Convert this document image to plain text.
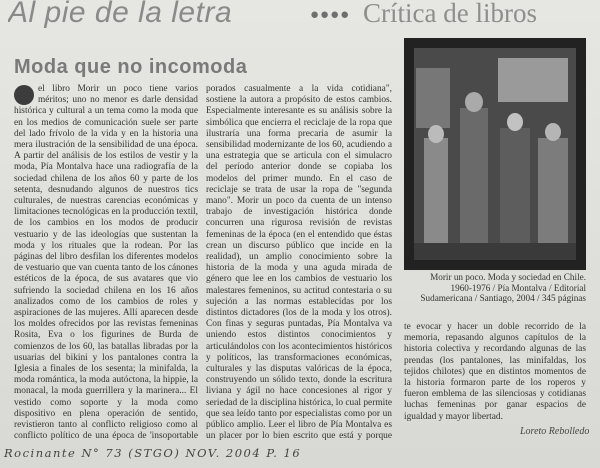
Al pie de la letra	●●●● Crítica de libros
Moda que no incomoda

el libro Morir un poco tiene varios méritos; uno no menor es darle densidad histórica y cultural a un tema como la moda que en los medios de comunicación suele ser parte del lado frívolo de la vida y en la historia una mera ilustración de la sensibilidad de una época. A partir del análisis de los estilos de vestir y la moda, Pía Montalva hace una radiografía de la sociedad chilena de los años 60 y parte de los setenta, desnudando algunos de nuestros tics culturales, de nuestras carencias económicas y limitaciones tecnológicas en la producción textil, de los cambios en los modos de producir vestuario y de las ideologías que sustentan la moda y los rituales que la rodean. Por las páginas del libro desfilan los diferentes modelos de vestuario que van cuenta tanto de los cánones estéticos de la época, de sus avatares que vio sufriendo la sociedad chilena en los 16 años analizados como de los cambios de roles y aspiraciones de las mujeres. Allí aparecen desde los moldes ofrecidos por las revistas femeninas Rosita, Eva o los figurines de Burda de comienzos de los 60, las batallas libradas por la usuarias del bikini y los pantalones contra la Iglesia a finales de los sesenta; la minifalda, la moda romántica, la moda autóctona, la hippie, la monacal, la moda guerrillera y la marinera... El vestido como soporte y la moda como dispositivo en plena operación de sentido, revistieron tanto al conflicto religioso como al conflicto político de una época de 'insoportable

porados casualmente a la vida cotidiana", sostiene la autora a propósito de estos cambios. Especialmente interesante es su análisis sobre la simbólica que encierra el reciclaje de la ropa que ilustraría una forma precaria de asumir la sensibilidad modernizante de los 60, acudiendo a una estrategia que se articula con el simulacro del período anterior donde se copiaba los modelos del primer mundo. En el caso de reciclaje se trata de usar la ropa de "segunda mano". Morir un poco da cuenta de un intenso trabajo de investigación histórica donde concurren una rigurosa revisión de revistas femeninas de la época (en el entendido que éstas crean un discurso público que incide en la realidad), un amplio conocimiento sobre la historia de la moda y una aguda mirada de género que lee en los cambios de vestuario los malestares femeninos, su actitud contestaria o su sujeción a las normas establecidas por los distintos dictadores (los de la moda y los otros). Con finas y seguras puntadas, Pía Montalva va uniendo estos distintos conocimientos y articulándolos con los acontecimientos históricos y políticos, las transformaciones económicas, culturales y las disputas valóricas de la época, construyendo un sólido texto, donde la escritura liviana y ágil no hace concesiones al rigor y seriedad de la disciplina histórica, lo cual permite que sea leído tanto por especialistas como por un público amplio. Leer el libro de Pía Montalva es un placer por lo bien escrito que está y porque

Morir un poco. Moda y sociedad en Chile. 1960-1976 / Pía Montalva / Editorial Sudamericana / Santiago, 2004 / 345 páginas

te evocar y hacer un doble recorrido de la memoria, repasando algunos capítulos de la historia colectiva y recordando algunas de las prendas (los pantalones, las minifaldas, los tejidos chilotes) que en distintos momentos de la historia formaron parte de los roperos y fueron emblema de las silenciosas y cotidianas luchas femeninas por ganar espacios de igualdad y mayor libertad.

Loreto Rebolledo
Rocinante N° 73 (STGO) NOV. 2004 P. 16
